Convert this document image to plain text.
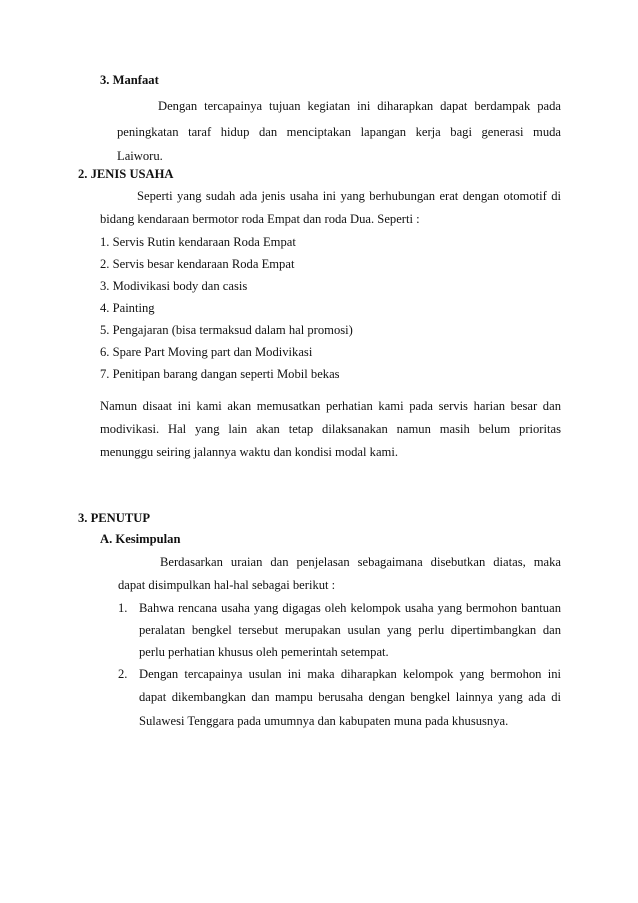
3. Manfaat
Dengan tercapainya tujuan kegiatan ini diharapkan dapat berdampak pada
peningkatan taraf hidup dan menciptakan lapangan kerja bagi generasi muda
Laiworu.
2. JENIS USAHA
Seperti yang sudah ada jenis usaha ini yang berhubungan erat dengan otomotif di
bidang kendaraan bermotor roda Empat dan roda Dua. Seperti :
1. Servis Rutin kendaraan Roda Empat
2. Servis besar kendaraan Roda Empat
3. Modivikasi body dan casis
4. Painting
5. Pengajaran (bisa termaksud dalam hal promosi)
6. Spare Part Moving part dan Modivikasi
7. Penitipan barang dangan seperti Mobil bekas
Namun disaat ini kami akan memusatkan perhatian kami pada servis harian besar dan
modivikasi. Hal yang lain akan tetap dilaksanakan namun masih belum prioritas
menunggu seiring jalannya waktu dan kondisi modal kami.
3. PENUTUP
A. Kesimpulan
Berdasarkan uraian dan penjelasan sebagaimana disebutkan diatas, maka
dapat disimpulkan hal-hal sebagai berikut :
1. Bahwa rencana usaha yang digagas oleh kelompok usaha yang bermohon bantuan
peralatan bengkel tersebut merupakan usulan yang perlu dipertimbangkan dan
perlu perhatian khusus oleh pemerintah setempat.
2. Dengan tercapainya usulan ini maka diharapkan kelompok yang bermohon ini
dapat dikembangkan dan mampu berusaha dengan bengkel lainnya yang ada di
Sulawesi Tenggara pada umumnya dan kabupaten muna pada khususnya.
